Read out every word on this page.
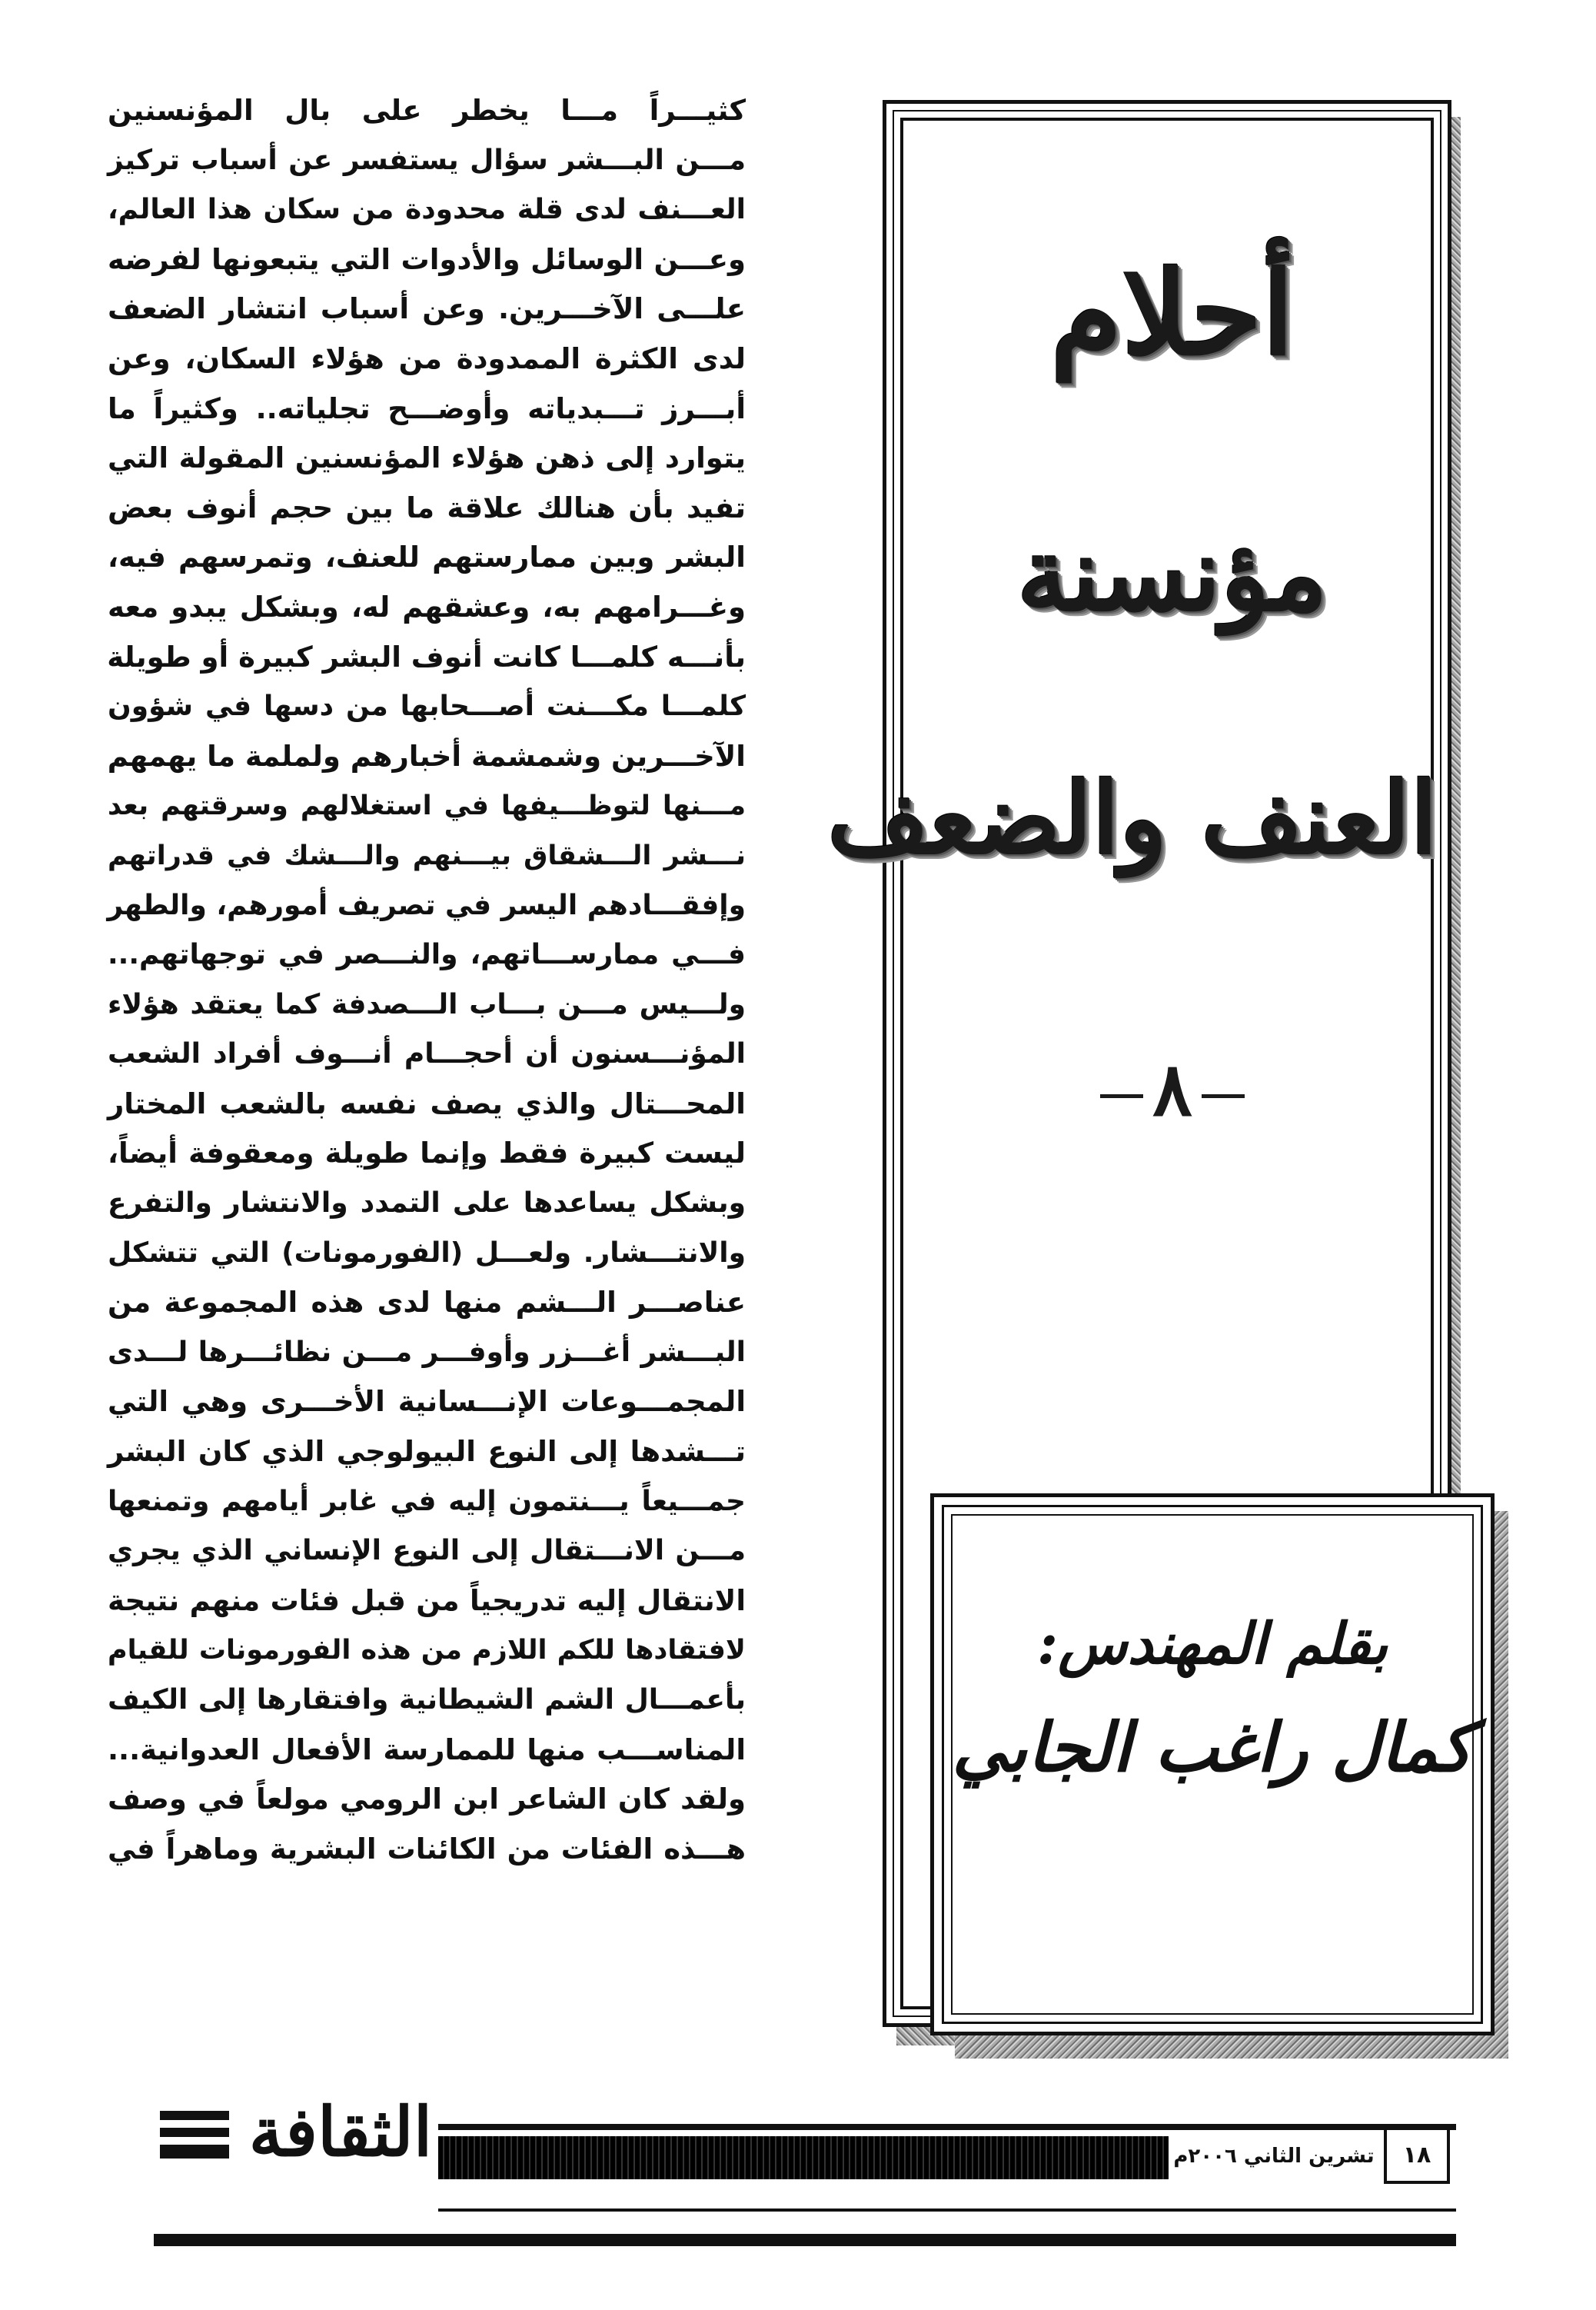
أحلام
مؤنسنة
العنف والضعف
٨
بقلم المهندس:
كمال راغب الجابي
كثيـــراً مـــا يخطر على بال المؤنسنين
مـــن البـــشر سؤال يستفسر عن أسباب تركيز
العـــنف لدى قلة محدودة من سكان هذا العالم،
وعـــن الوسائل والأدوات التي يتبعونها لفرضه
علـــى الآخـــرين. وعن أسباب انتشار الضعف
لدى الكثرة الممدودة من هؤلاء السكان، وعن
أبـــرز تـــبدياته وأوضـــح تجلياته.. وكثيراً ما
يتوارد إلى ذهن هؤلاء المؤنسنين المقولة التي
تفيد بأن هنالك علاقة ما بين حجم أنوف بعض
البشر وبين ممارستهم للعنف، وتمرسهم فيه،
وغـــرامهم به، وعشقهم له، وبشكل يبدو معه
بأنـــه كلمـــا كانت أنوف البشر كبيرة أو طويلة
كلمـــا مكـــنت أصـــحابها من دسها في شؤون
الآخـــرين وشمشمة أخبارهم ولملمة ما يهمهم
مـــنها لتوظـــيفها في استغلالهم وسرقتهم بعد
نـــشر الـــشقاق بيـــنهم والـــشك في قدراتهم
وإفقـــادهم اليسر في تصريف أمورهم، والطهر
فـــي ممارســـاتهم، والنـــصر في توجهاتهم...
ولـــيس مـــن بـــاب الـــصدفة كما يعتقد هؤلاء
المؤنـــسنون أن أحجـــام أنـــوف أفراد الشعب
المحـــتال والذي يصف نفسه بالشعب المختار
ليست كبيرة فقط وإنما طويلة ومعقوفة أيضاً،
وبشكل يساعدها على التمدد والانتشار والتفرع
والانتـــشار. ولعـــل (الفورمونات) التي تتشكل
عناصـــر الـــشم منها لدى هذه المجموعة من
البـــشر أغـــزر وأوفـــر مـــن نظائـــرها لـــدى
المجمـــوعات الإنـــسانية الأخـــرى وهي التي
تـــشدها إلى النوع البيولوجي الذي كان البشر
جمـــيعاً يـــنتمون إليه في غابر أيامهم وتمنعها
مـــن الانـــتقال إلى النوع الإنساني الذي يجري
الانتقال إليه تدريجياً من قبل فئات منهم نتيجة
لافتقادها للكم اللازم من هذه الفورمونات للقيام
بأعمـــال الشم الشيطانية وافتقارها إلى الكيف
المناســـب منها للممارسة الأفعال العدوانية...
ولقد كان الشاعر ابن الرومي مولعاً في وصف
هـــذه الفئات من الكائنات البشرية وماهراً في
الثقافة	تشرين الثاني ٢٠٠٦م	١٨
